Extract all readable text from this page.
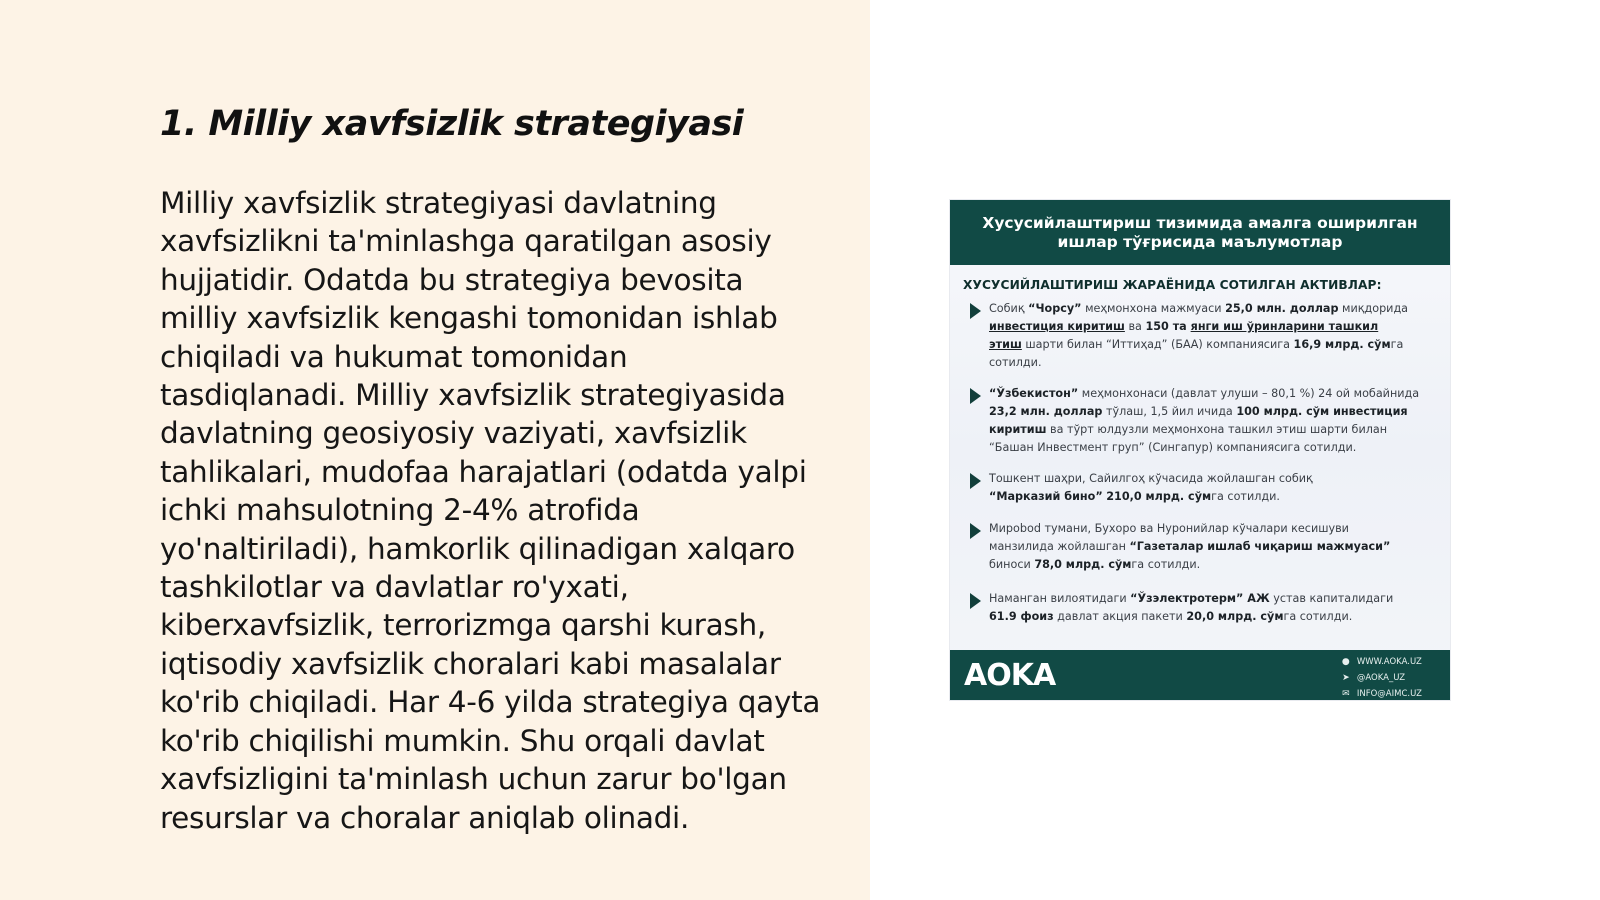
1. Milliy xavfsizlik strategiyasi
Milliy xavfsizlik strategiyasi davlatning
xavfsizlikni ta'minlashga qaratilgan asosiy
hujjatidir. Odatda bu strategiya bevosita
milliy xavfsizlik kengashi tomonidan ishlab
chiqiladi va hukumat tomonidan
tasdiqlanadi. Milliy xavfsizlik strategiyasida
davlatning geosiyosiy vaziyati, xavfsizlik
tahlikalari, mudofaa harajatlari (odatda yalpi
ichki mahsulotning 2-4% atrofida
yo'naltiriladi), hamkorlik qilinadigan xalqaro
tashkilotlar va davlatlar ro'yxati,
kiberxavfsizlik, terrorizmga qarshi kurash,
iqtisodiy xavfsizlik choralari kabi masalalar
ko'rib chiqiladi. Har 4-6 yilda strategiya qayta
ko'rib chiqilishi mumkin. Shu orqali davlat
xavfsizligini ta'minlash uchun zarur bo'lgan
resurslar va choralar aniqlab olinadi.
Хусусийлаштириш тизимида амалга оширилган
ишлар тўғрисида маълумотлар
ХУСУСИЙЛАШТИРИШ ЖАРАЁНИДА СОТИЛГАН АКТИВЛАР:
Собиқ “Чорсу” меҳмонхона мажмуаси 25,0 млн. доллар миқдорида
инвестиция киритиш ва 150 та янги иш ўринларини ташкил
этиш шарти билан “Иттиҳад” (БАА) компаниясига 16,9 млрд. сўмга
сотилди.
“Ўзбекистон” меҳмонхонаси (давлат улуши – 80,1 %) 24 ой мобайнида
23,2 млн. доллар тўлаш, 1,5 йил ичида 100 млрд. сўм инвестиция
киритиш ва тўрт юлдузли меҳмонхона ташкил этиш шарти билан
“Башан Инвестмент груп” (Сингапур) компаниясига сотилди.
Тошкент шаҳри, Сайилгоҳ кўчасида жойлашган собиқ
“Марказий бино” 210,0 млрд. сўмга сотилди.
Мирobod тумани, Бухоро ва Нуронийлар кўчалари кесишуви
манзилида жойлашган “Газеталар ишлаб чиқариш мажмуаси”
биноси 78,0 млрд. сўмга сотилди.
Наманган вилоятидаги “Ўзэлектротерм” АЖ устав капиталидаги
61.9 фоиз давлат акция пакети 20,0 млрд. сўмга сотилди.
AOKA	● WWW.AOKA.UZ
➤ @AOKA_UZ
✉ INFO@AIMC.UZ
